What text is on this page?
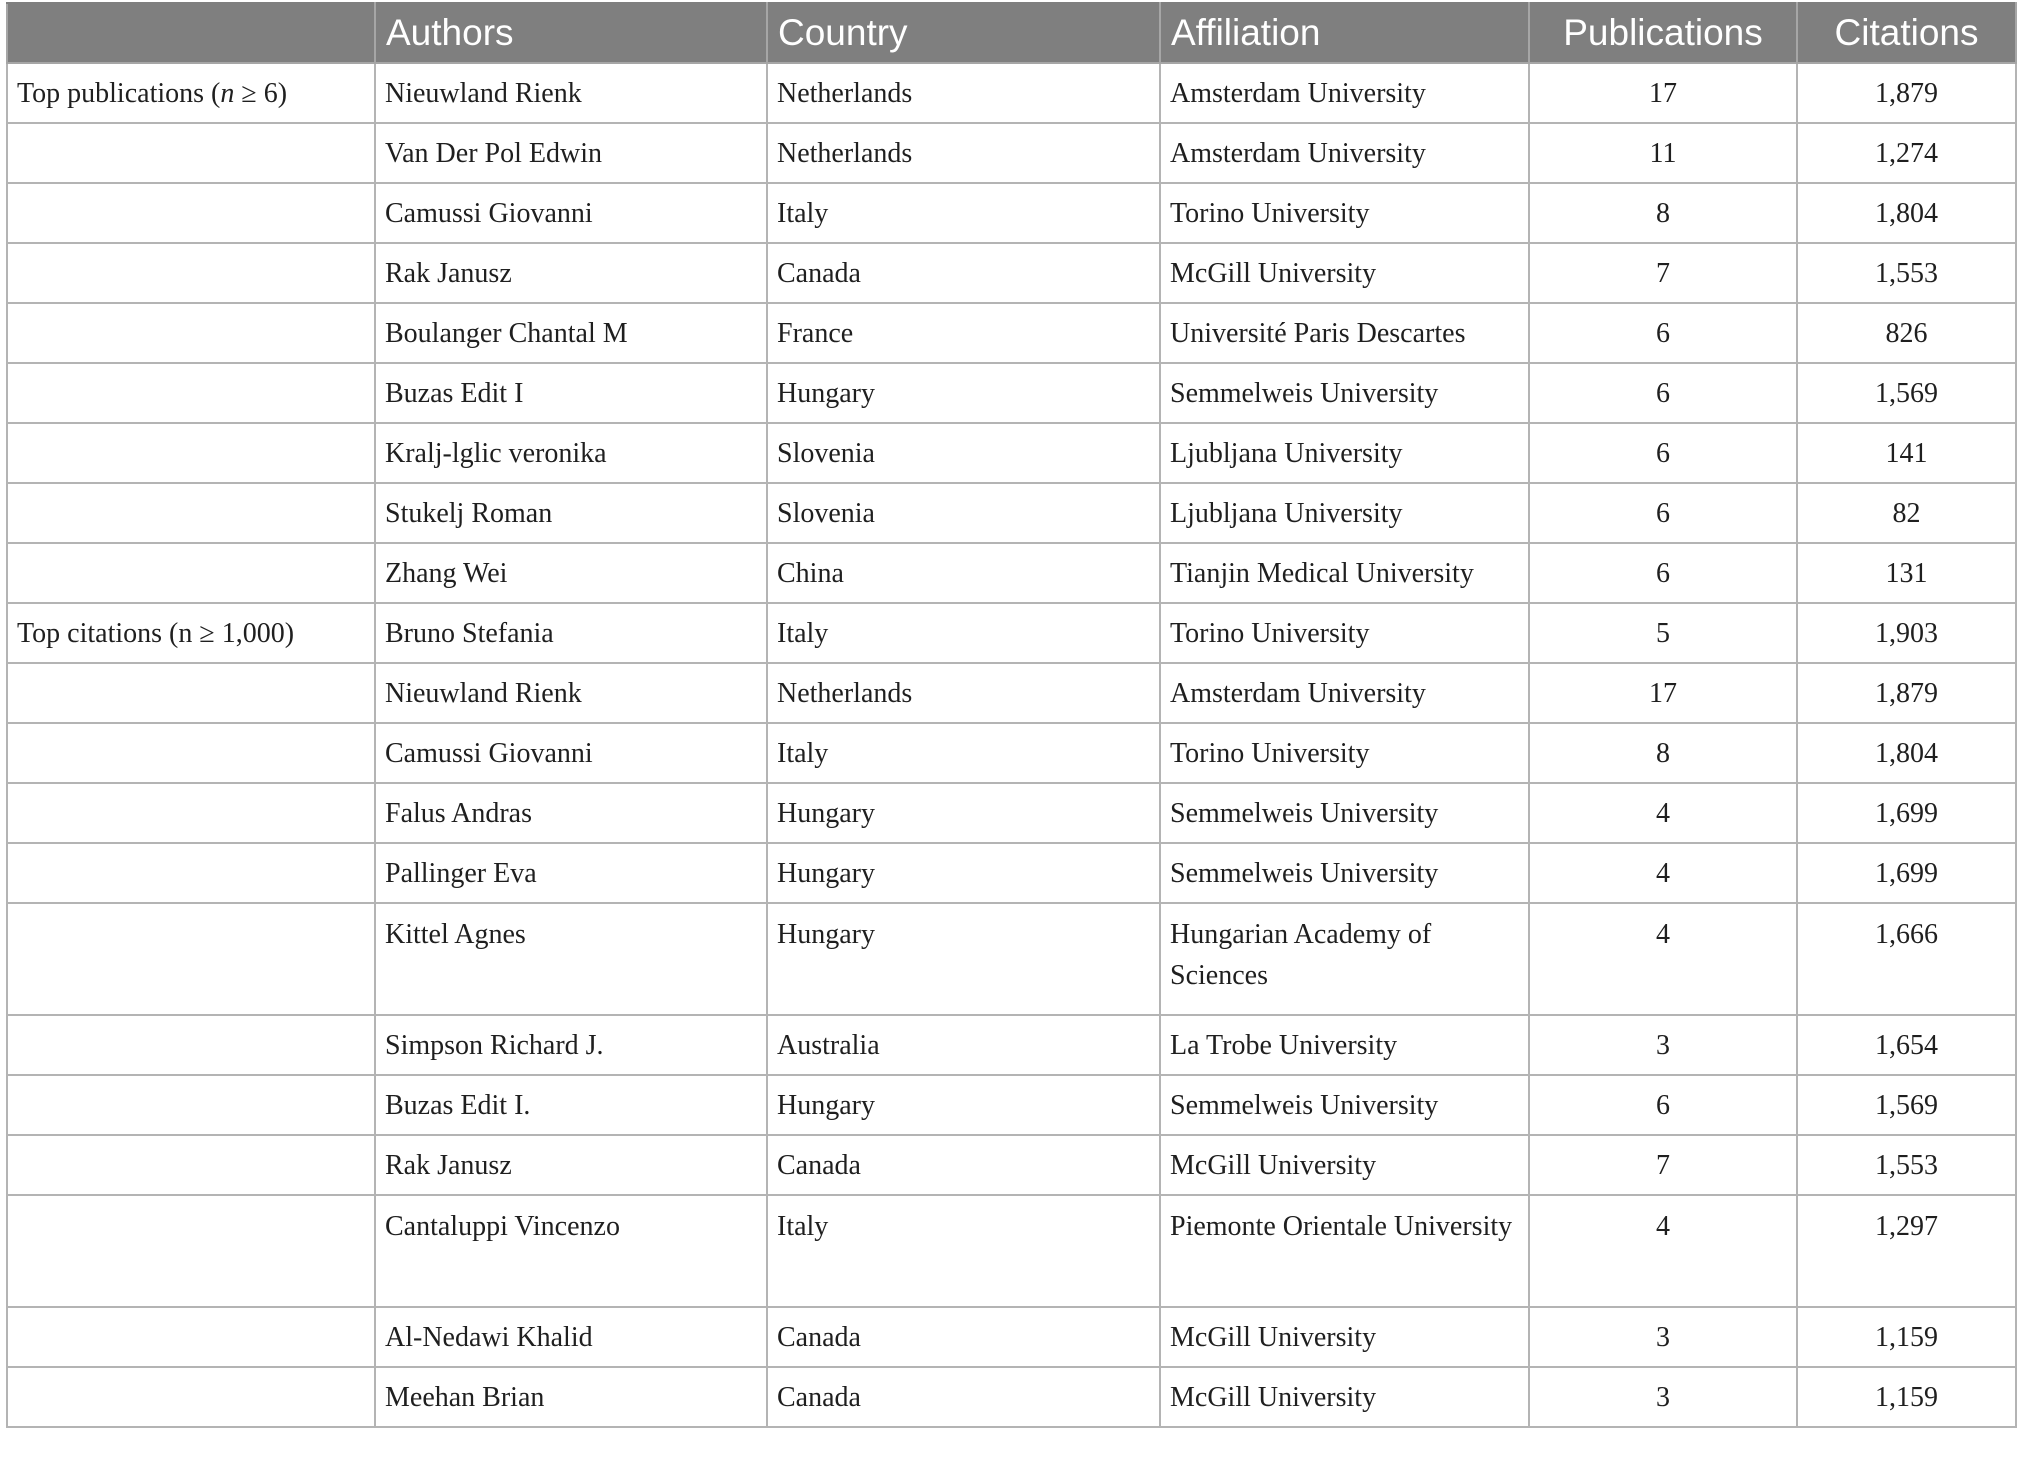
	Authors	Country	Affiliation	Publications	Citations
Top publications (n ≥ 6)	Nieuwland Rienk	Netherlands	Amsterdam University	17	1,879
	Van Der Pol Edwin	Netherlands	Amsterdam University	11	1,274
	Camussi Giovanni	Italy	Torino University	8	1,804
	Rak Janusz	Canada	McGill University	7	1,553
	Boulanger Chantal M	France	Université Paris Descartes	6	826
	Buzas Edit I	Hungary	Semmelweis University	6	1,569
	Kralj-lglic veronika	Slovenia	Ljubljana University	6	141
	Stukelj Roman	Slovenia	Ljubljana University	6	82
	Zhang Wei	China	Tianjin Medical University	6	131
Top citations (n ≥ 1,000)	Bruno Stefania	Italy	Torino University	5	1,903
	Nieuwland Rienk	Netherlands	Amsterdam University	17	1,879
	Camussi Giovanni	Italy	Torino University	8	1,804
	Falus Andras	Hungary	Semmelweis University	4	1,699
	Pallinger Eva	Hungary	Semmelweis University	4	1,699
	Kittel Agnes	Hungary	Hungarian Academy of Sciences	4	1,666
	Simpson Richard J.	Australia	La Trobe University	3	1,654
	Buzas Edit I.	Hungary	Semmelweis University	6	1,569
	Rak Janusz	Canada	McGill University	7	1,553
	Cantaluppi Vincenzo	Italy	Piemonte Orientale University	4	1,297
	Al-Nedawi Khalid	Canada	McGill University	3	1,159
	Meehan Brian	Canada	McGill University	3	1,159
